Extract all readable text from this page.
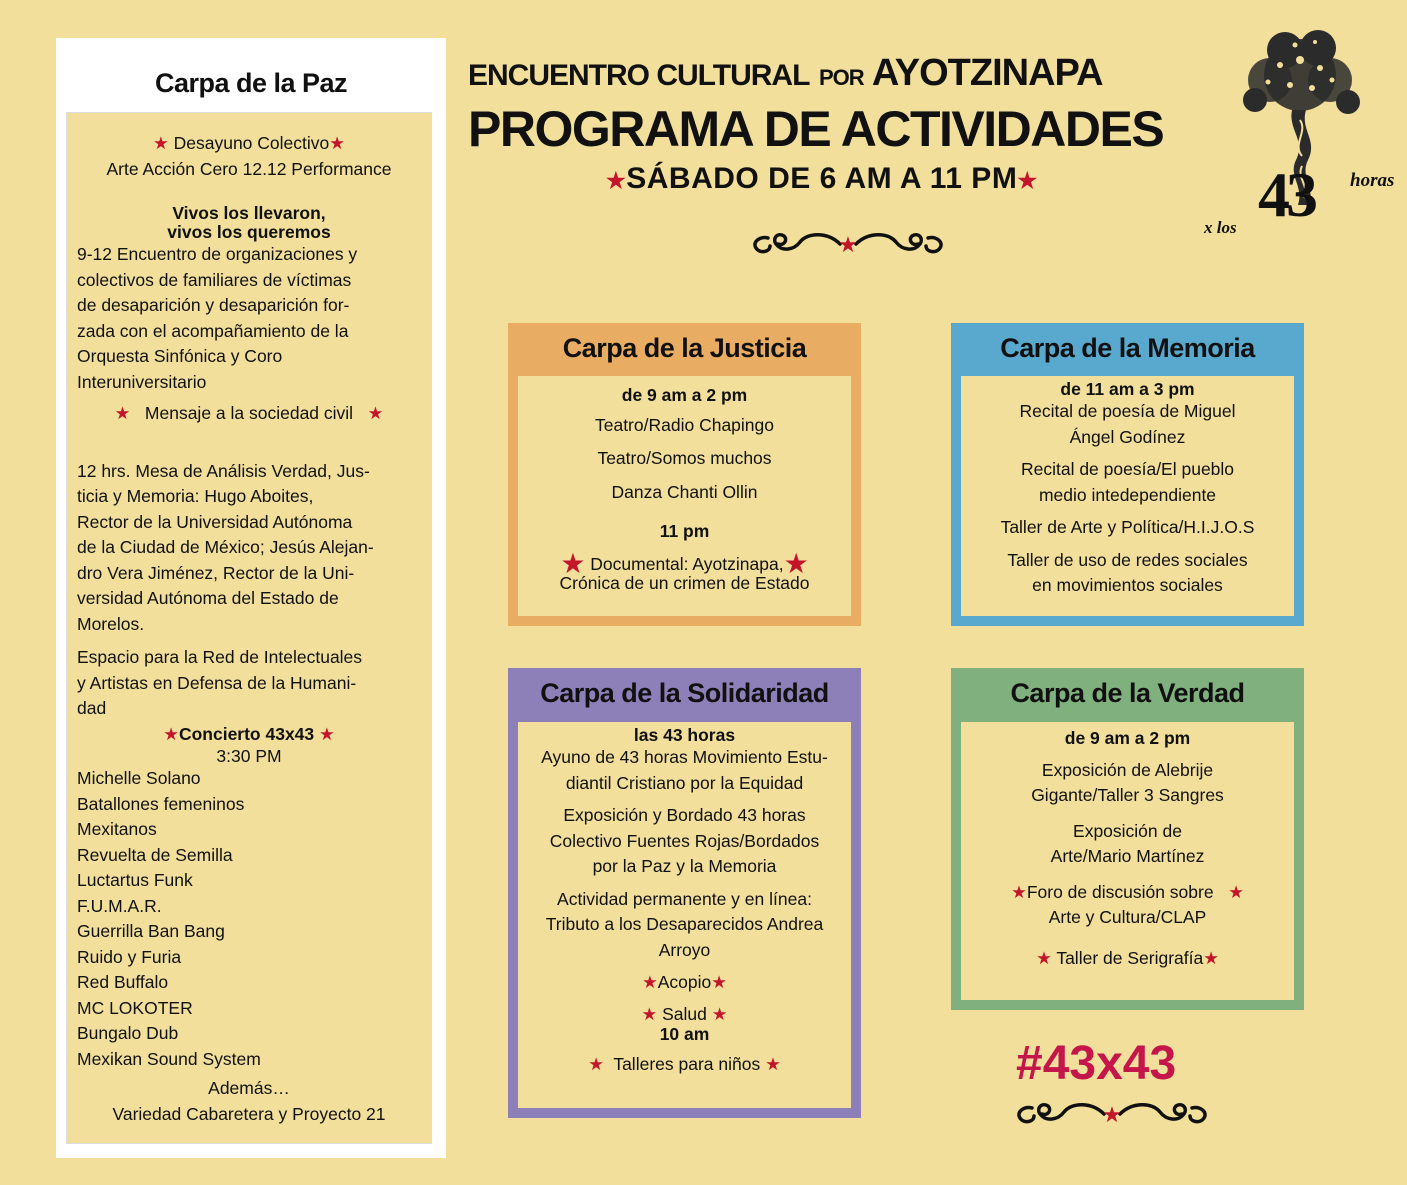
Carpa de la Paz
★ Desayuno Colectivo★
Arte Acción Cero 12.12 Performance
Vivos los llevaron,
vivos los queremos
9-12 Encuentro de organizaciones y
colectivos de familiares de víctimas
de desaparición y desaparición for-
zada con el acompañamiento de la
Orquesta Sinfónica y Coro
Interuniversitario
★ Mensaje a la sociedad civil ★
12 hrs. Mesa de Análisis Verdad, Jus-
ticia y Memoria: Hugo Aboites,
Rector de la Universidad Autónoma
de la Ciudad de México; Jesús Alejan-
dro Vera Jiménez, Rector de la Uni-
versidad Autónoma del Estado de
Morelos.
Espacio para la Red de Intelectuales
y Artistas en Defensa de la Humani-
dad
★Concierto 43x43 ★
3:30 PM
Michelle Solano
Batallones femeninos
Mexitanos
Revuelta de Semilla
Luctartus Funk
F.U.M.A.R.
Guerrilla Ban Bang
Ruido y Furia
Red Buffalo
MC LOKOTER
Bungalo Dub
Mexikan Sound System
Además…
Variedad Cabaretera y Proyecto 21
ENCUENTRO CULTURAL POR AYOTZINAPA
PROGRAMA DE ACTIVIDADES
★SÁBADO DE 6 AM A 11 PM★
★
43 horas
x los
Carpa de la Justicia

de 9 am a 2 pm

Teatro/Radio Chapingo

Teatro/Somos muchos

Danza Chanti Ollin

11 pm

★ Documental: Ayotzinapa,★

Crónica de un crimen de Estado

Carpa de la Memoria

de 11 am a 3 pm

Recital de poesía de Miguel

Ángel Godínez

Recital de poesía/El pueblo

medio intedependiente

Taller de Arte y Política/H.I.J.O.S

Taller de uso de redes sociales

en movimientos sociales

Carpa de la Solidaridad

las 43 horas

Ayuno de 43 horas Movimiento Estu-

diantil Cristiano por la Equidad

Exposición y Bordado 43 horas

Colectivo Fuentes Rojas/Bordados

por la Paz y la Memoria

Actividad permanente y en línea:

Tributo a los Desaparecidos Andrea

Arroyo

★Acopio★

★ Salud ★

10 am

★ Talleres para niños ★

Carpa de la Verdad

de 9 am a 2 pm

Exposición de Alebrije

Gigante/Taller 3 Sangres

Exposición de

Arte/Mario Martínez

★Foro de discusión sobre ★

Arte y Cultura/CLAP

★ Taller de Serigrafía★

#43x43
★
